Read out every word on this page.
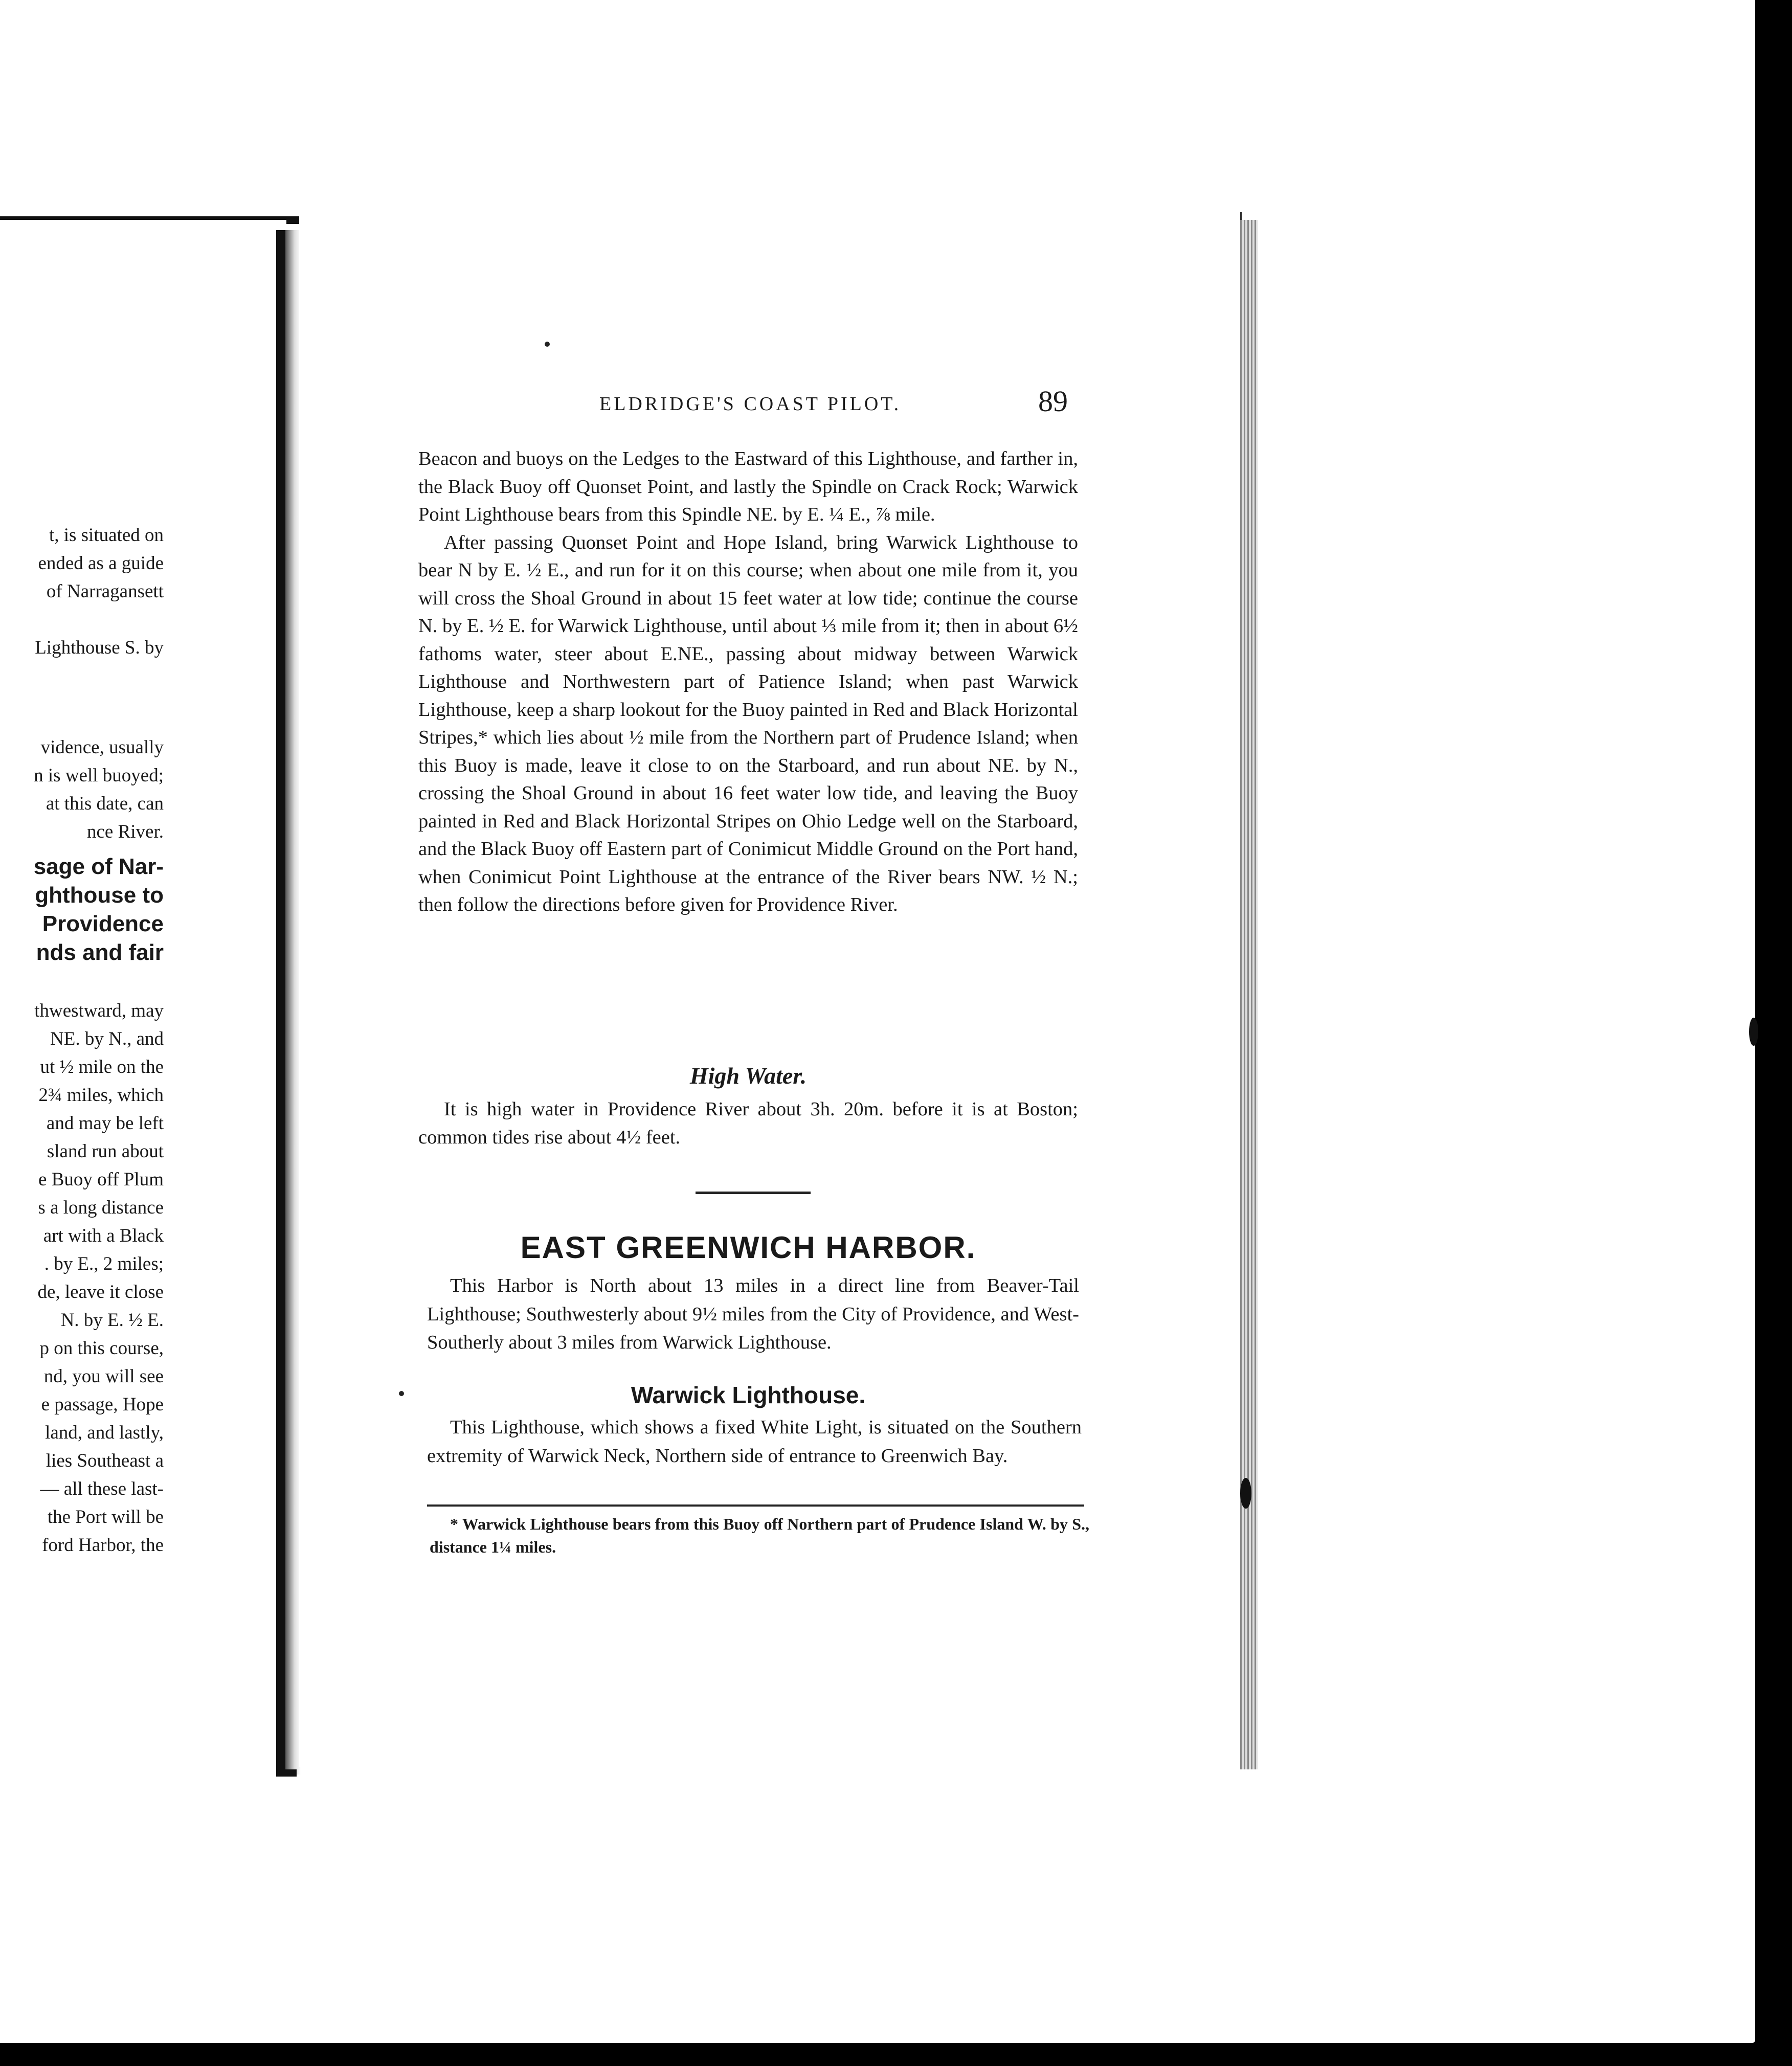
t, is situated on
ended as a guide
of Narragansett
Lighthouse S. by
vidence, usually
n is well buoyed;
at this date, can
nce River.
sage of Nar-
ghthouse to
Providence
nds and fair
thwestward, may
NE. by N., and
ut ½ mile on the
2¾ miles, which
and may be left
sland run about
e Buoy off Plum
s a long distance
art with a Black
. by E., 2 miles;
de, leave it close
N. by E. ½ E.
p on this course,
nd, you will see
e passage, Hope
land, and lastly,
lies Southeast a
— all these last-
the Port will be
ford Harbor, the
ELDRIDGE'S COAST PILOT.	89

Beacon and buoys on the Ledges to the Eastward of this Lighthouse, and farther in, the Black Buoy off Quonset Point, and lastly the Spindle on Crack Rock; Warwick Point Lighthouse bears from this Spindle NE. by E. ¼ E., ⅞ mile.

After passing Quonset Point and Hope Island, bring Warwick Lighthouse to bear N by E. ½ E., and run for it on this course; when about one mile from it, you will cross the Shoal Ground in about 15 feet water at low tide; continue the course N. by E. ½ E. for Warwick Lighthouse, until about ⅓ mile from it; then in about 6½ fathoms water, steer about E.NE., passing about midway between Warwick Lighthouse and Northwestern part of Patience Island; when past Warwick Lighthouse, keep a sharp lookout for the Buoy painted in Red and Black Horizontal Stripes,* which lies about ½ mile from the Northern part of Prudence Island; when this Buoy is made, leave it close to on the Starboard, and run about NE. by N., crossing the Shoal Ground in about 16 feet water low tide, and leaving the Buoy painted in Red and Black Horizontal Stripes on Ohio Ledge well on the Starboard, and the Black Buoy off Eastern part of Conimicut Middle Ground on the Port hand, when Conimicut Point Lighthouse at the entrance of the River bears NW. ½ N.; then follow the directions before given for Providence River.

High Water.

It is high water in Providence River about 3h. 20m. before it is at Boston; common tides rise about 4½ feet.

EAST GREENWICH HARBOR.

This Harbor is North about 13 miles in a direct line from Beaver-Tail Lighthouse; Southwesterly about 9½ miles from the City of Providence, and West-Southerly about 3 miles from Warwick Lighthouse.

Warwick Lighthouse.

This Lighthouse, which shows a fixed White Light, is situated on the Southern extremity of Warwick Neck, Northern side of entrance to Greenwich Bay.

* Warwick Lighthouse bears from this Buoy off Northern part of Prudence Island W. by S., distance 1¼ miles.
